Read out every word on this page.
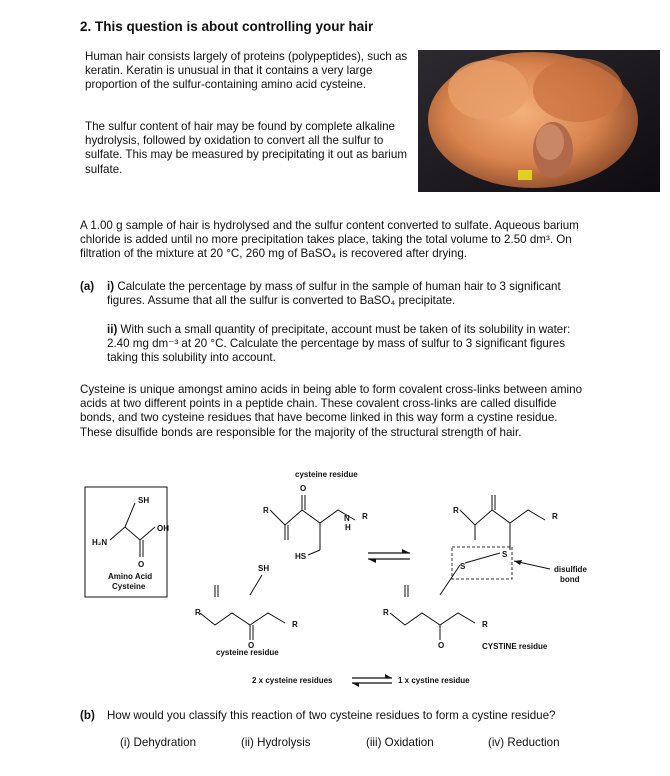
2. This question is about controlling your hair
Human hair consists largely of proteins (polypeptides), such as keratin. Keratin is unusual in that it contains a very large proportion of the sulfur-containing amino acid cysteine.
The sulfur content of hair may be found by complete alkaline hydrolysis, followed by oxidation to convert all the sulfur to sulfate. This may be measured by precipitating it out as barium sulfate.
A 1.00 g sample of hair is hydrolysed and the sulfur content converted to sulfate. Aqueous barium chloride is added until no more precipitation takes place, taking the total volume to 2.50 dm³. On filtration of the mixture at 20 °C, 260 mg of BaSO₄ is recovered after drying.
(a) i) Calculate the percentage by mass of sulfur in the sample of human hair to 3 significant figures. Assume that all the sulfur is converted to BaSO₄ precipitate.
ii) With such a small quantity of precipitate, account must be taken of its solubility in water: 2.40 mg dm⁻³ at 20 °C. Calculate the percentage by mass of sulfur to 3 significant figures taking this solubility into account.
Cysteine is unique amongst amino acids in being able to form covalent cross-links between amino acids at two different points in a peptide chain. These covalent cross-links are called disulfide bonds, and two cysteine residues that have become linked in this way form a cystine residue. These disulfide bonds are responsible for the majority of the structural strength of hair.
SH
OH
H₂N
O
Amino Acid
Cysteine
cysteine residue
R
R
O
N
H
HS
SH
R
R
O
cysteine residue
S
S
R
R
R
R
O	CYSTINE residue
disulfide
bond
2 x cysteine residues	1 x cystine residue
(b) How would you classify this reaction of two cysteine residues to form a cystine residue?
(i) Dehydration	(ii) Hydrolysis	(iii) Oxidation	(iv) Reduction
